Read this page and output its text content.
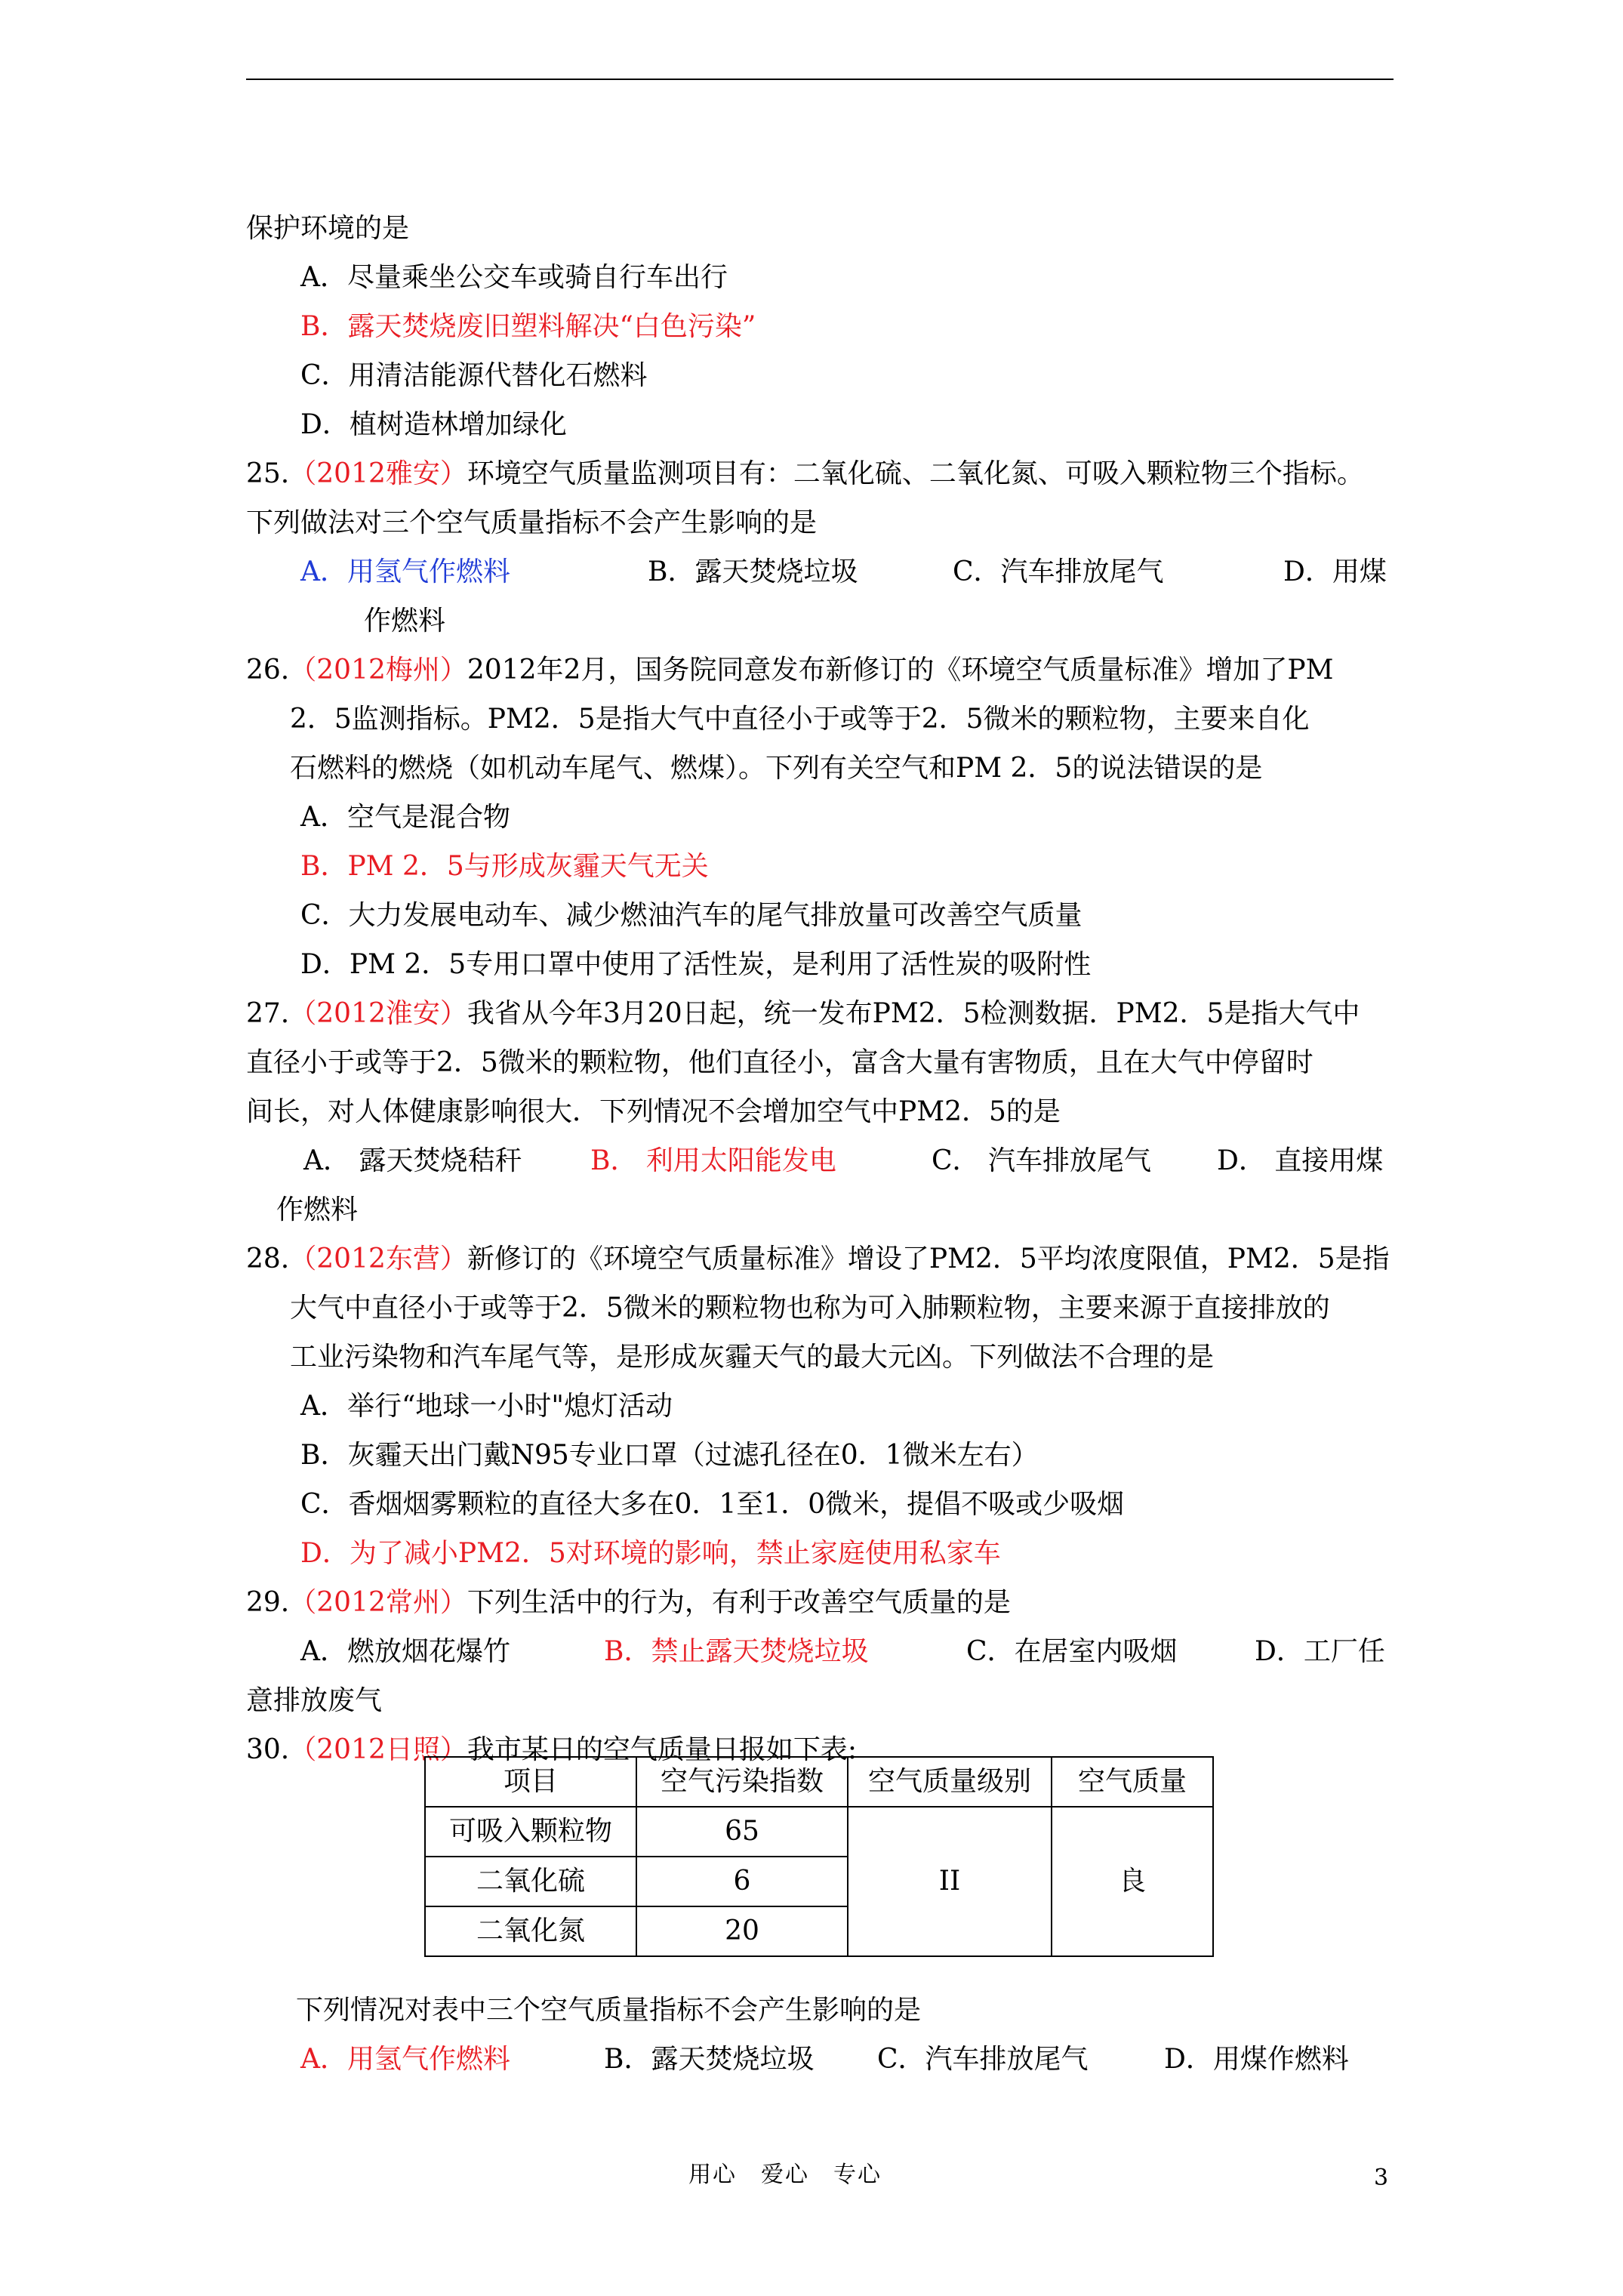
保护环境的是
A．尽量乘坐公交车或骑自行车出行
B．露天焚烧废旧塑料解决“白色污染”
C．用清洁能源代替化石燃料
D．植树造林增加绿化
25.（2012雅安）环境空气质量监测项目有：二氧化硫、二氧化氮、可吸入颗粒物三个指标。
下列做法对三个空气质量指标不会产生影响的是
A．用氢气作燃料	B．露天焚烧垃圾	C．汽车排放尾气	D．用煤
作燃料
26.（2012梅州）2012年2月，国务院同意发布新修订的《环境空气质量标准》增加了PM
2．5监测指标。PM2．5是指大气中直径小于或等于2．5微米的颗粒物，主要来自化
石燃料的燃烧（如机动车尾气、燃煤）。下列有关空气和PM 2．5的说法错误的是
A．空气是混合物
B．PM 2．5与形成灰霾天气无关
C．大力发展电动车、减少燃油汽车的尾气排放量可改善空气质量
D．PM 2．5专用口罩中使用了活性炭，是利用了活性炭的吸附性
27.（2012淮安）我省从今年3月20日起，统一发布PM2．5检测数据．PM2．5是指大气中
直径小于或等于2．5微米的颗粒物，他们直径小，富含大量有害物质，且在大气中停留时
间长，对人体健康影响很大．下列情况不会增加空气中PM2．5的是
A． 露天焚烧秸秆	B． 利用太阳能发电	C． 汽车排放尾气 D． 直接用煤
作燃料
28.（2012东营）新修订的《环境空气质量标准》增设了PM2．5平均浓度限值，PM2．5是指
大气中直径小于或等于2．5微米的颗粒物也称为可入肺颗粒物，主要来源于直接排放的
工业污染物和汽车尾气等，是形成灰霾天气的最大元凶。下列做法不合理的是
A．举行“地球一小时"熄灯活动
B．灰霾天出门戴N95专业口罩（过滤孔径在0．1微米左右）
C．香烟烟雾颗粒的直径大多在0．1至1．0微米，提倡不吸或少吸烟
D．为了减小PM2．5对环境的影响，禁止家庭使用私家车
29.（2012常州）下列生活中的行为，有利于改善空气质量的是
A．燃放烟花爆竹	B．禁止露天焚烧垃圾	C．在居室内吸烟	D．工厂任
意排放废气
30.（2012日照）我市某日的空气质量日报如下表:
项目	空气污染指数	空气质量级别	空气质量
可吸入颗粒物	65	II	良
二氧化硫	6		
二氧化氮	20		
下列情况对表中三个空气质量指标不会产生影响的是
A．用氢气作燃料	B．露天焚烧垃圾 C．汽车排放尾气	D．用煤作燃料
用心　爱心　专心	3
